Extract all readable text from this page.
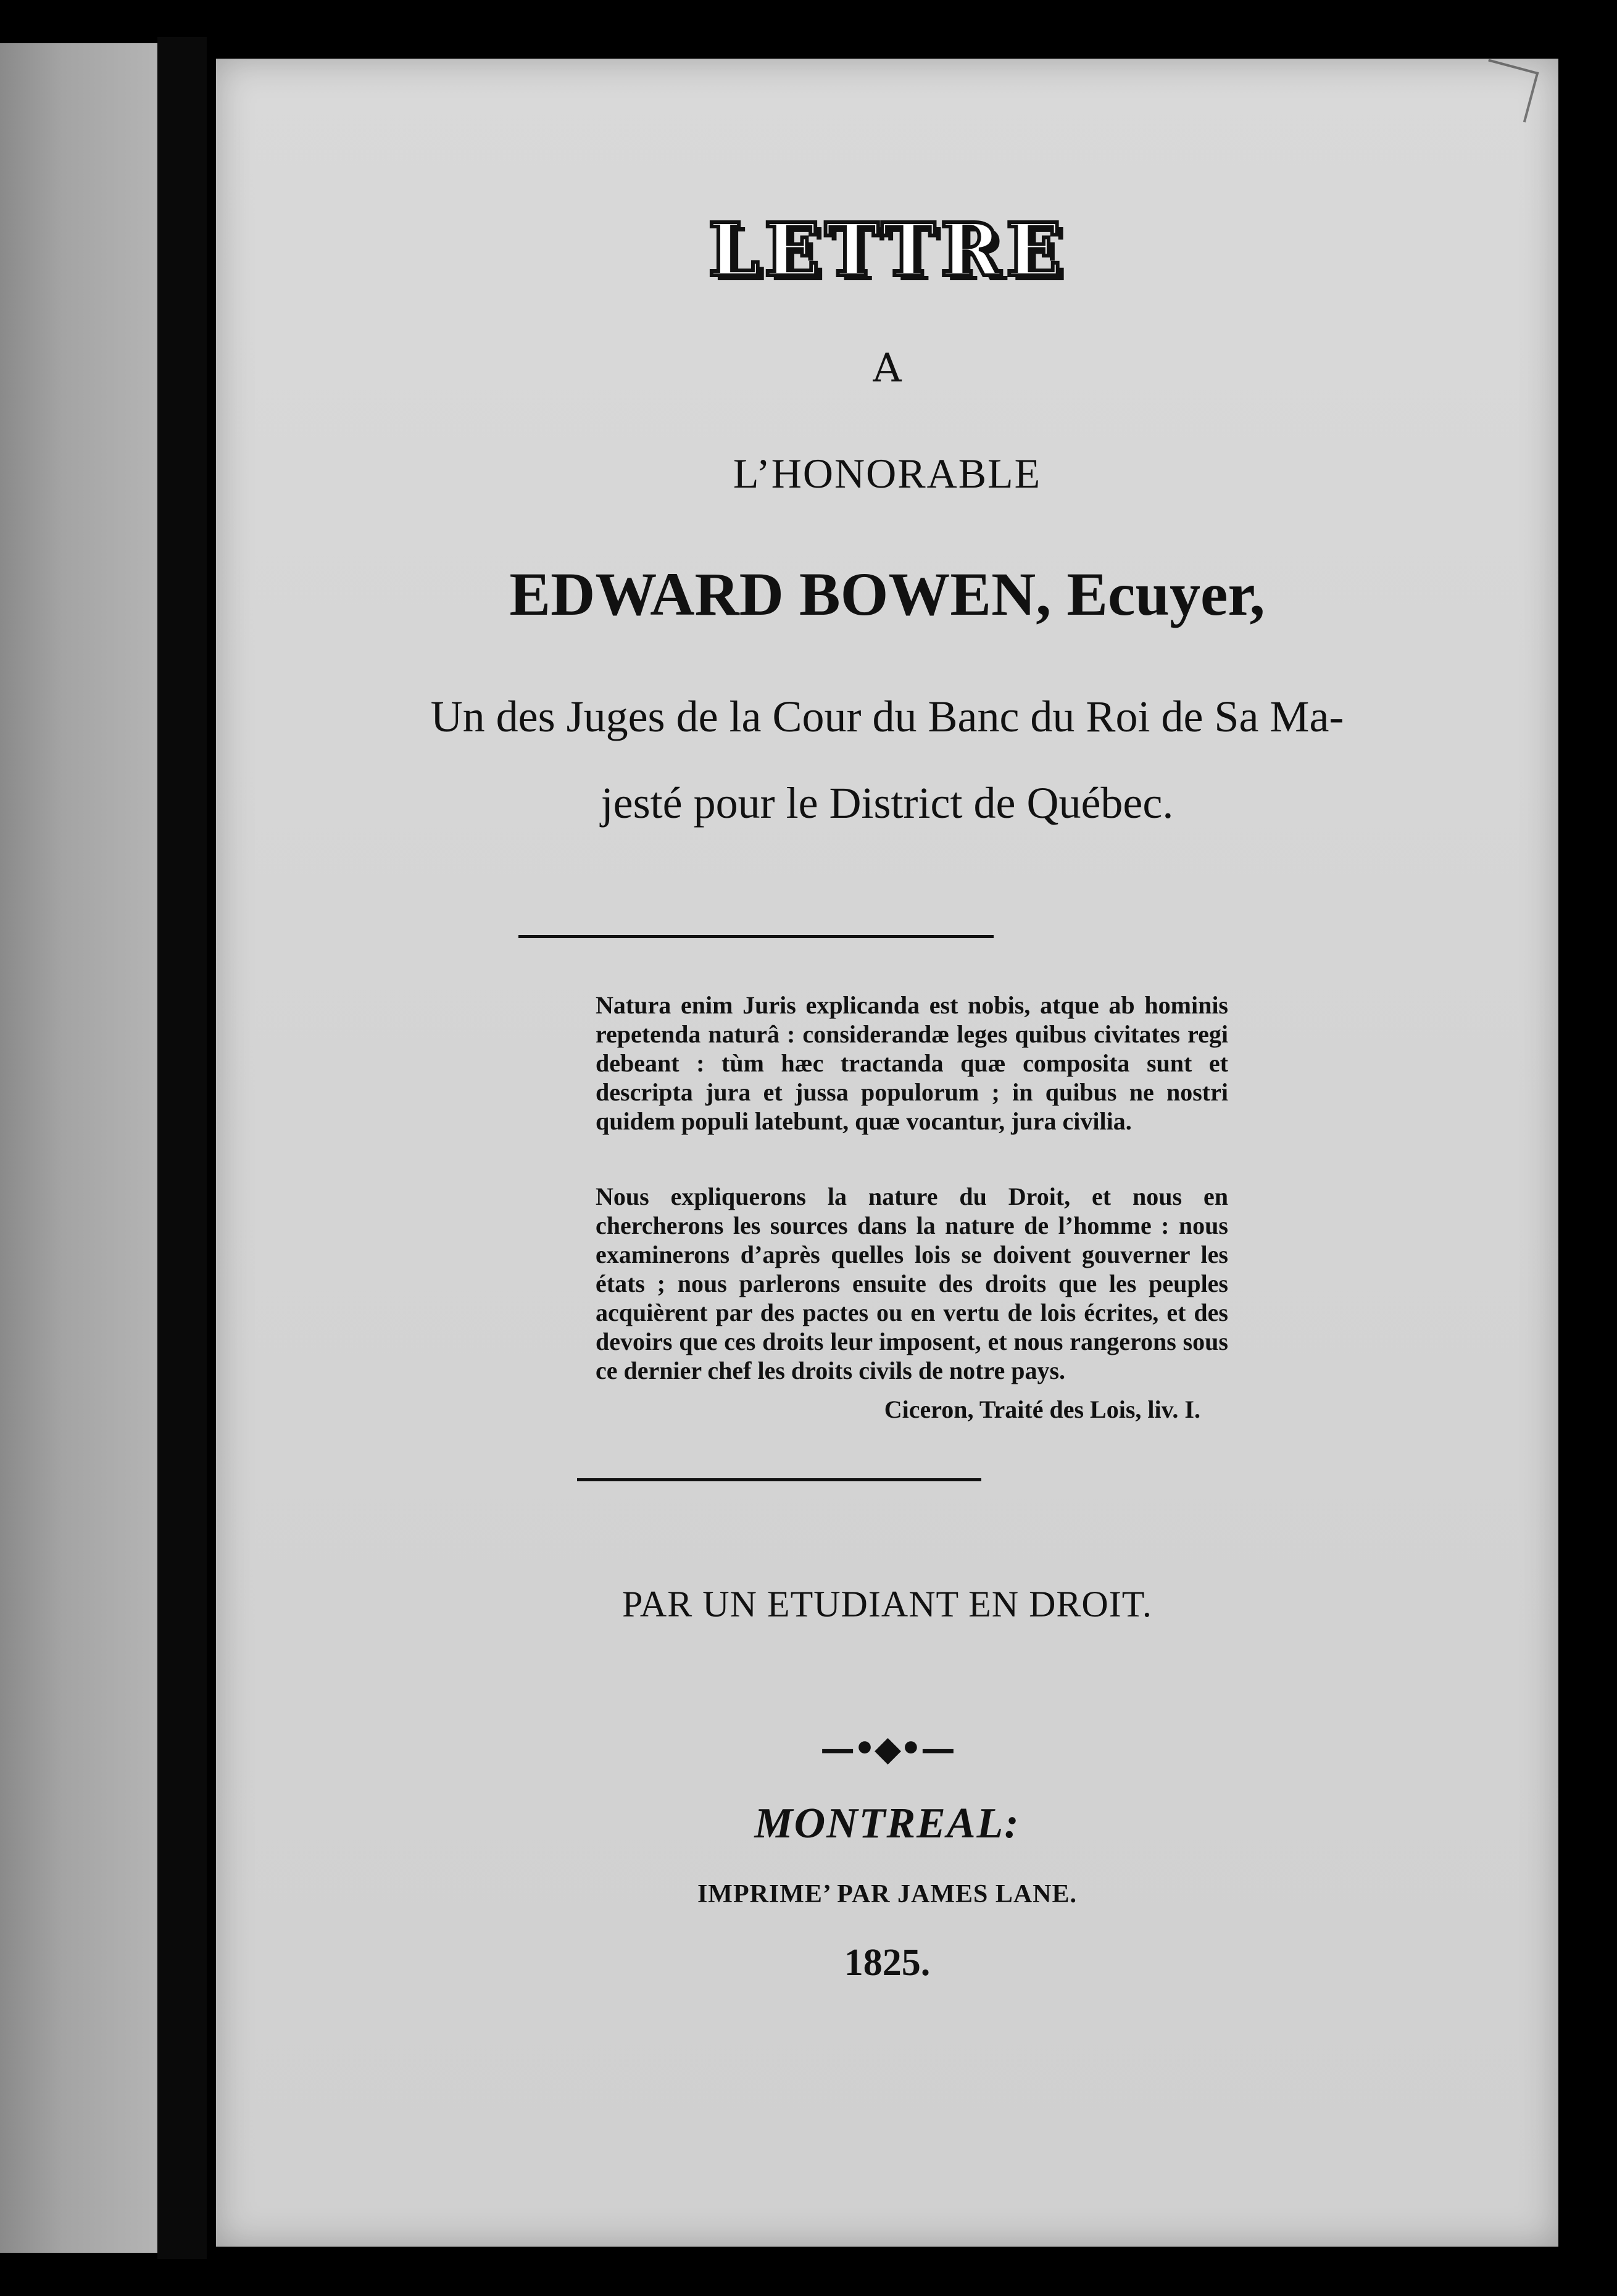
LETTRE
A
L’HONORABLE
EDWARD BOWEN, Ecuyer,
Un des Juges de la Cour du Banc du Roi de Sa Ma-
jesté pour le District de Québec.
Natura enim Juris explicanda est nobis, atque ab hominis repetenda naturâ : considerandæ leges quibus civitates regi debeant : tùm hæc tractanda quæ composita sunt et descripta jura et jussa populorum ; in quibus ne nostri quidem populi latebunt, quæ vocantur, jura civilia.
Nous expliquerons la nature du Droit, et nous en chercherons les sources dans la nature de l’homme : nous examinerons d’après quelles lois se doivent gouverner les états ; nous parlerons ensuite des droits que les peuples acquièrent par des pactes ou en vertu de lois écrites, et des devoirs que ces droits leur imposent, et nous rangerons sous ce dernier chef les droits civils de notre pays.
Ciceron, Traité des Lois, liv. I.
PAR UN ETUDIANT EN DROIT.
—•◆•—
MONTREAL:
IMPRIME’ PAR JAMES LANE.
1825.
